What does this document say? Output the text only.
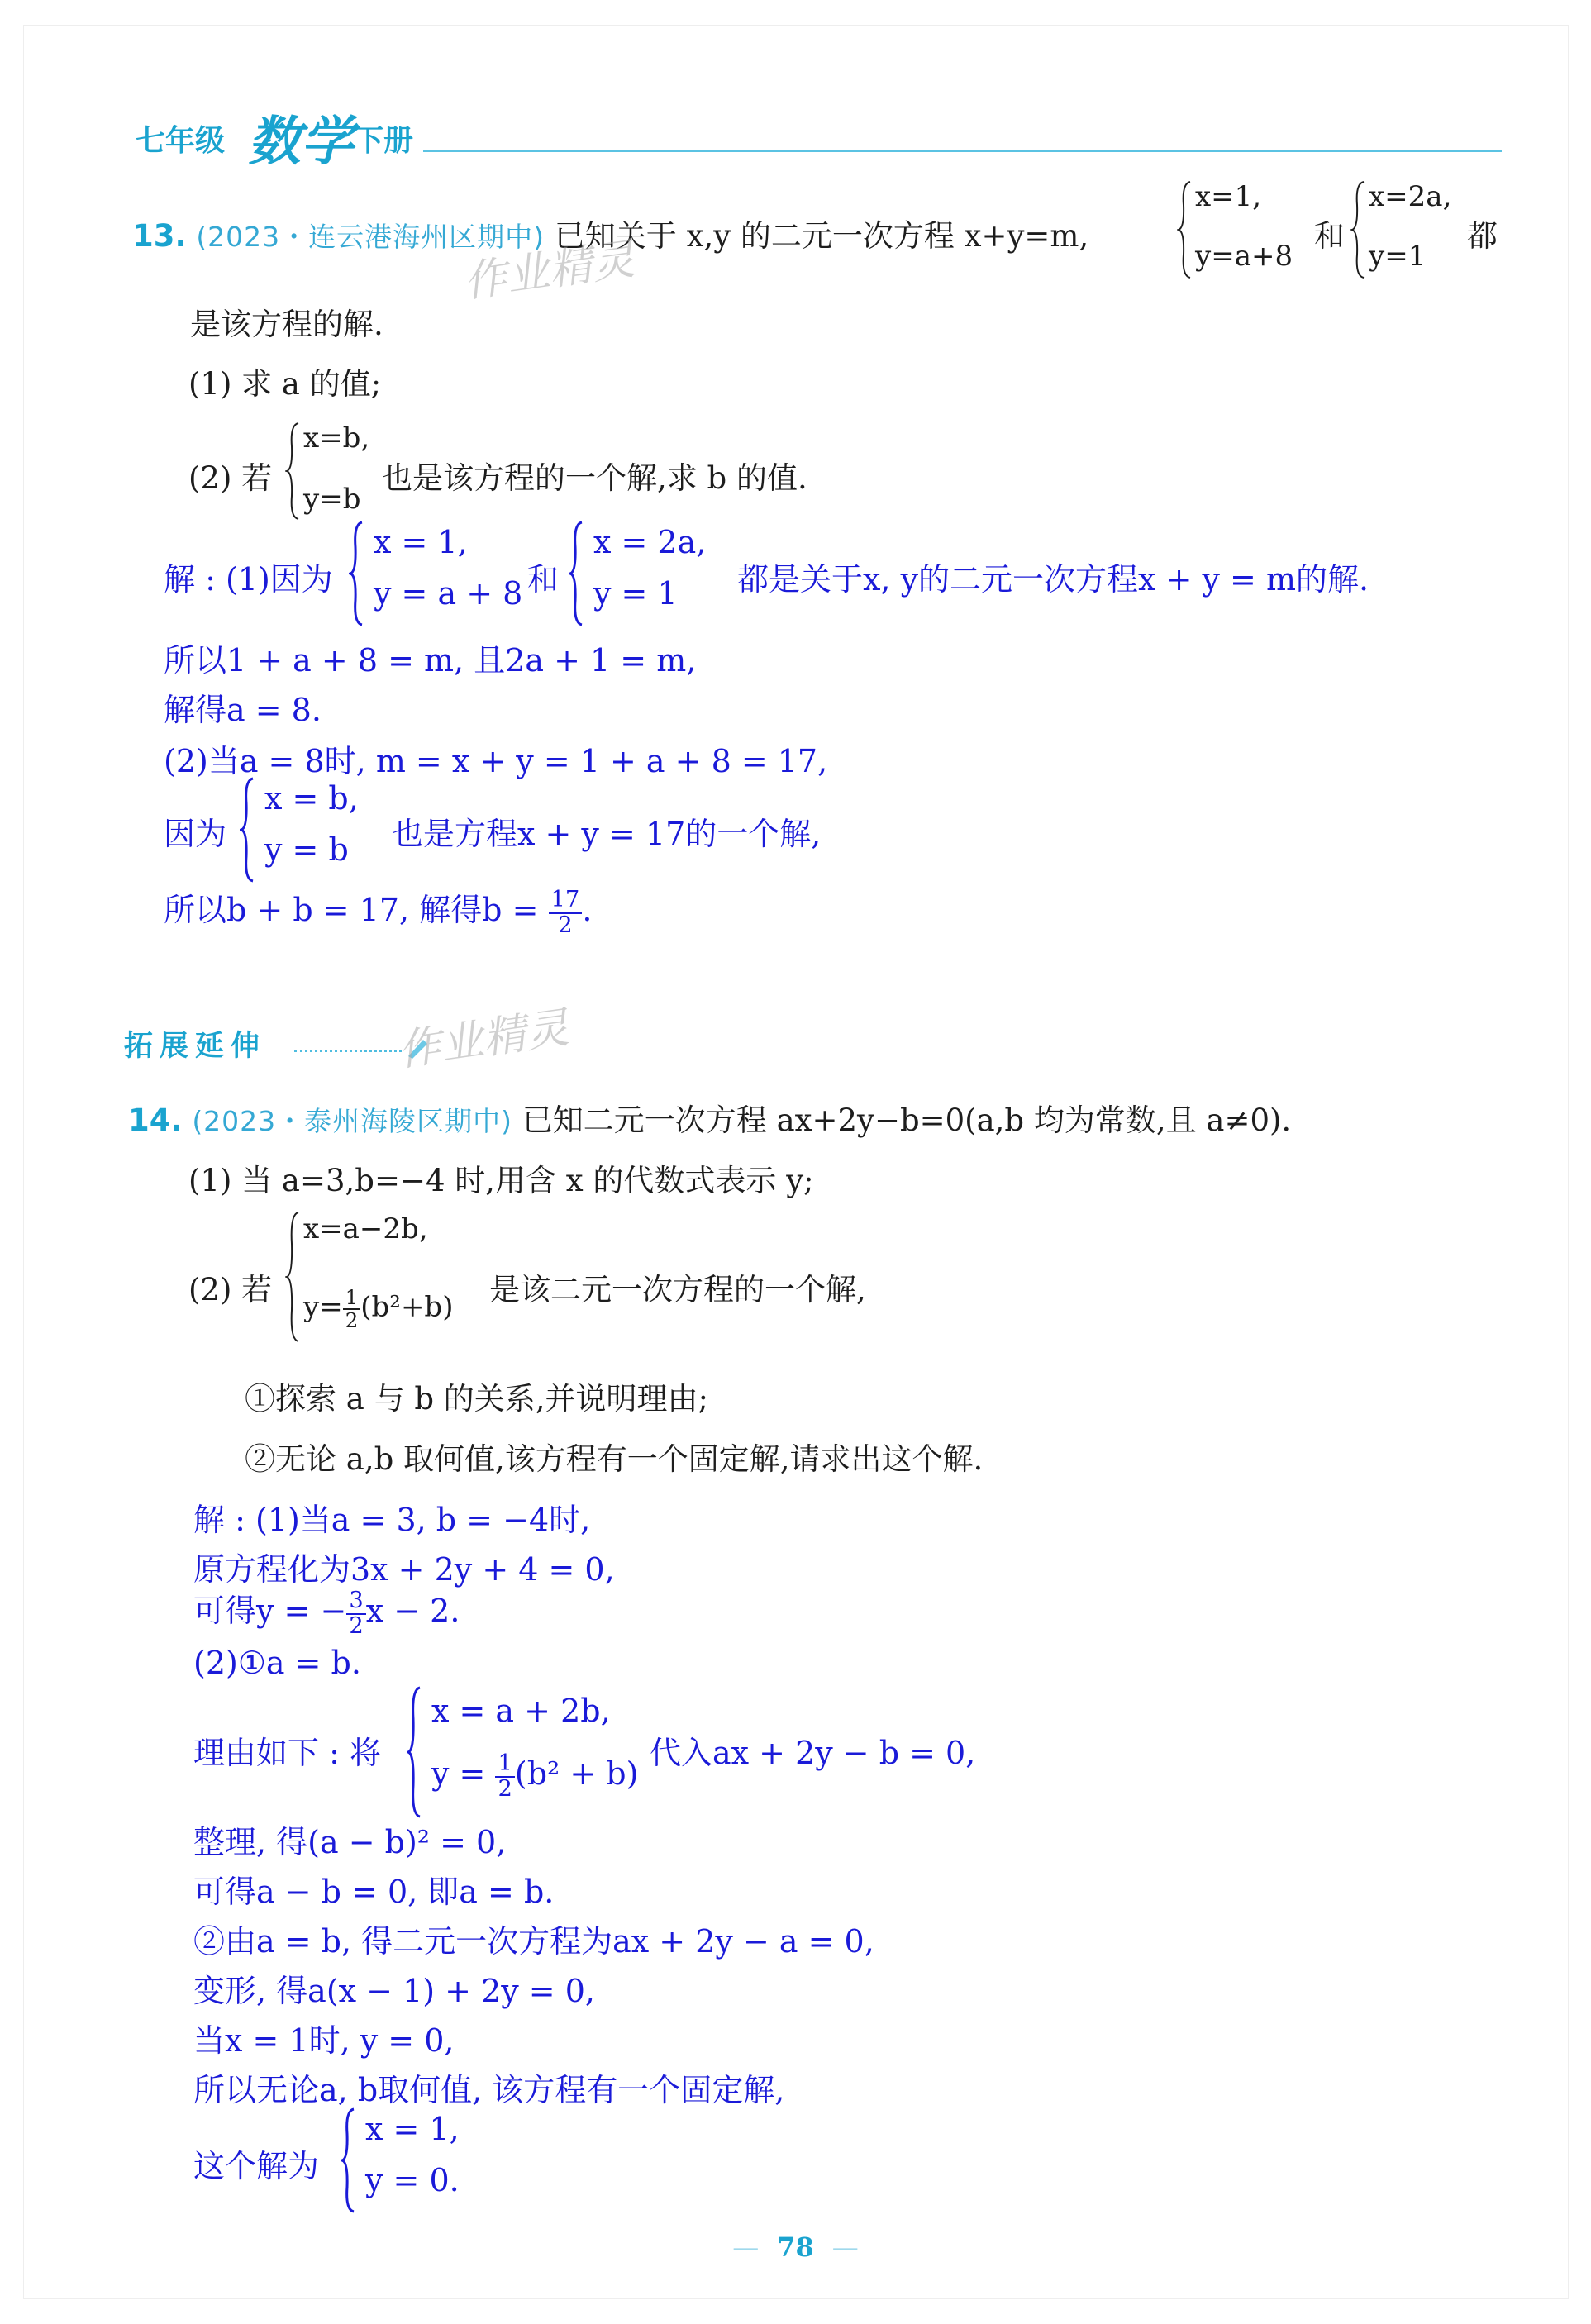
七年级 数学 下册
13. (2023・连云港海州区期中) 已知关于 x,y 的二元一次方程 x+y=m,
x=1,
y=a+8
和
x=2a,
y=1
都
作业精灵
是该方程的解.
(1) 求 a 的值;
(2) 若
x=b,
y=b
也是该方程的一个解,求 b 的值.
解 : (1)因为
x = 1,
y = a + 8 和
x = 2a,
y = 1 都是关于x, y的二元一次方程x + y = m的解.
所以1 + a + 8 = m, 且2a + 1 = m,
解得a = 8.
(2)当a = 8时, m = x + y = 1 + a + 8 = 17,
因为
x = b,
y = b 也是方程x + y = 17的一个解,
所以b + b = 17, 解得$b = \frac{17}{2}$ .
拓展延伸	作业精灵
14. (2023・泰州海陵区期中) 已知二元一次方程 ax+2y−b=0(a,b 均为常数,且 a≠0).
(1) 当 a=3,b=−4 时,用含 x 的代数式表示 y;
(2) 若
x=a−2b,
$y= \frac{1}{2} (b^2+b)$ 是该二元一次方程的一个解,
①探索 a 与 b 的关系,并说明理由;
②无论 a,b 取何值,该方程有一个固定解,请求出这个解.
解 : (1)当a = 3, b = −4时,
原方程化为3x + 2y + 4 = 0,
可得y = − $\frac{3}{2}$ x − 2.
(2)①a = b.
理由如下 : 将
x = a + 2b,
$y = \frac{1}{2} (b^2 + b)$
代入ax + 2y − b = 0,
整理, 得(a − b)² = 0,
可得a − b = 0, 即a = b.
②由a = b, 得二元一次方程为ax + 2y − a = 0,
变形, 得a(x − 1) + 2y = 0,
当x = 1时, y = 0,
所以无论a, b取何值, 该方程有一个固定解,
这个解为
x = 1,
y = 0.
— 78 —
